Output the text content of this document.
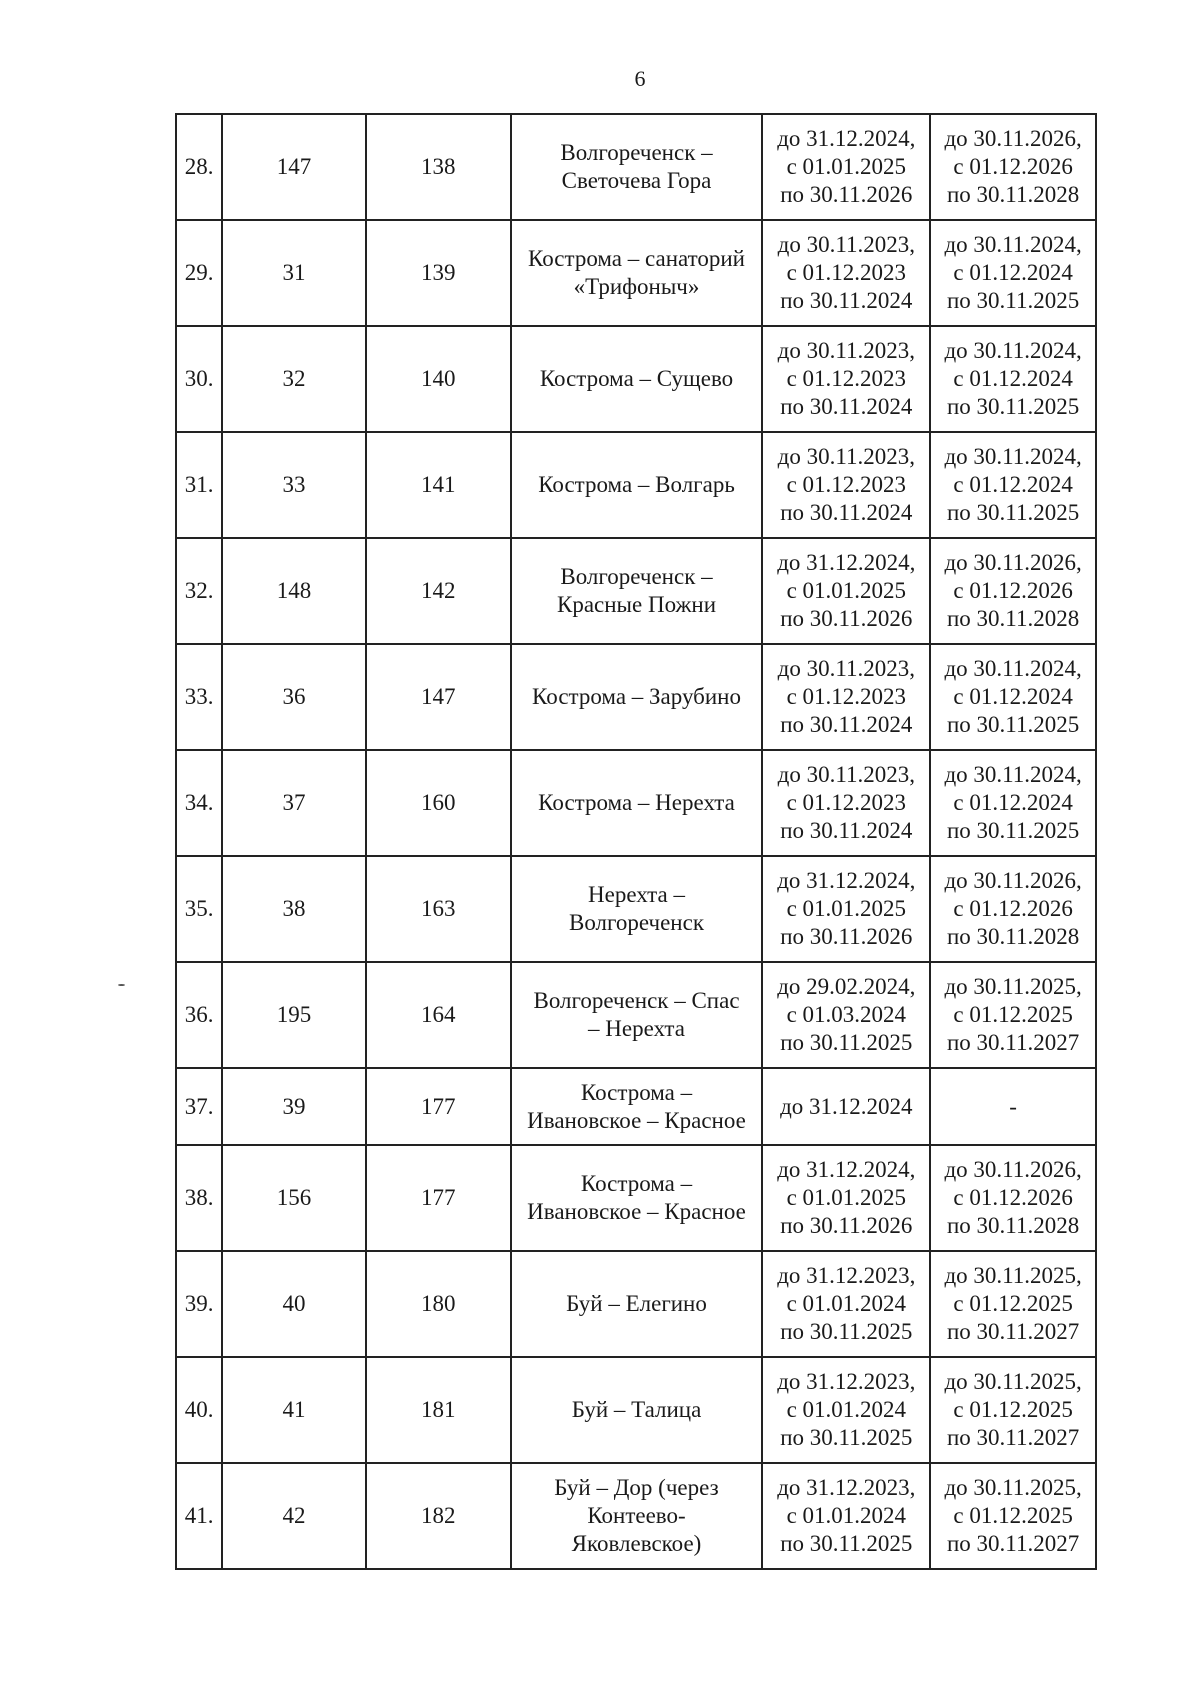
6
28.	147	138	Волгореченск –
Светочева Гора	до 31.12.2024,
с 01.01.2025
по 30.11.2026	до 30.11.2026,
с 01.12.2026
по 30.11.2028
29.	31	139	Кострома – санаторий
«Трифоныч»	до 30.11.2023,
с 01.12.2023
по 30.11.2024	до 30.11.2024,
с 01.12.2024
по 30.11.2025
30.	32	140	Кострома – Сущево	до 30.11.2023,
с 01.12.2023
по 30.11.2024	до 30.11.2024,
с 01.12.2024
по 30.11.2025
31.	33	141	Кострома – Волгарь	до 30.11.2023,
с 01.12.2023
по 30.11.2024	до 30.11.2024,
с 01.12.2024
по 30.11.2025
32.	148	142	Волгореченск –
Красные Пожни	до 31.12.2024,
с 01.01.2025
по 30.11.2026	до 30.11.2026,
с 01.12.2026
по 30.11.2028
33.	36	147	Кострома – Зарубино	до 30.11.2023,
с 01.12.2023
по 30.11.2024	до 30.11.2024,
с 01.12.2024
по 30.11.2025
34.	37	160	Кострома – Нерехта	до 30.11.2023,
с 01.12.2023
по 30.11.2024	до 30.11.2024,
с 01.12.2024
по 30.11.2025
35.	38	163	Нерехта –
Волгореченск	до 31.12.2024,
с 01.01.2025
по 30.11.2026	до 30.11.2026,
с 01.12.2026
по 30.11.2028
36.	195	164	Волгореченск – Спас
– Нерехта	до 29.02.2024,
с 01.03.2024
по 30.11.2025	до 30.11.2025,
с 01.12.2025
по 30.11.2027
37.	39	177	Кострома –
Ивановское – Красное	до 31.12.2024	-
38.	156	177	Кострома –
Ивановское – Красное	до 31.12.2024,
с 01.01.2025
по 30.11.2026	до 30.11.2026,
с 01.12.2026
по 30.11.2028
39.	40	180	Буй – Елегино	до 31.12.2023,
с 01.01.2024
по 30.11.2025	до 30.11.2025,
с 01.12.2025
по 30.11.2027
40.	41	181	Буй – Талица	до 31.12.2023,
с 01.01.2024
по 30.11.2025	до 30.11.2025,
с 01.12.2025
по 30.11.2027
41.	42	182	Буй – Дор (через
Контеево-
Яковлевское)	до 31.12.2023,
с 01.01.2024
по 30.11.2025	до 30.11.2025,
с 01.12.2025
по 30.11.2027
